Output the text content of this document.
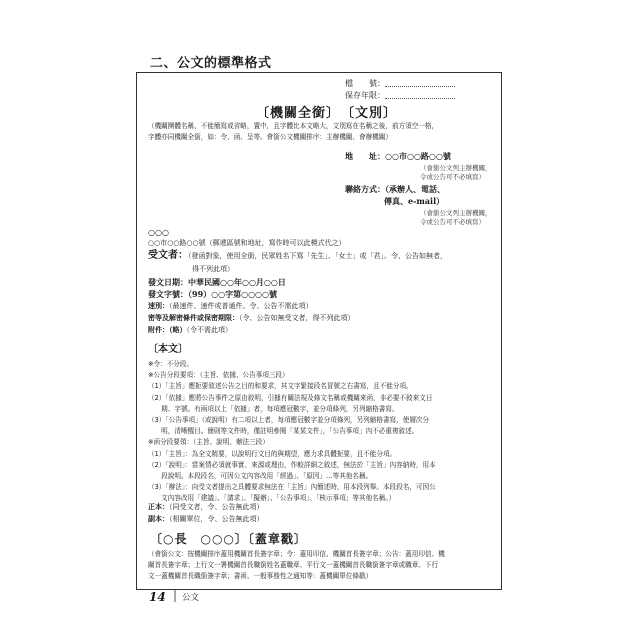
二、公文的標準格式
檔　　號：
保存年限：
〔機關全銜〕　 〔文別〕
（機關團體名稱，不能簡寫或省略，置中，且字體比本文略大，文別寫在名稱之後，前方須空一格，
字體亦同機關全銜，如：令、函、呈等。會銜公文機關排序：主辦機關、會辦機關）
地　　址：○○市○○路○○號
（會銜公文列主辦機關，
令或公告可不必填寫）
聯絡方式：（承辦人、電話、
傳真、e-mail）
（會銜公文列主辦機關，
令或公告可不必填寫）
○○○
○○市○○路○○號（郵遞區號和地址，寫作時可以此模式代之）
受文者：（發函對象，使用全銜，民眾姓名下寫「先生」、「女士」或「君」。令、公告如無者，
得不列此項）
發文日期：中華民國○○年○○月○○日
發文字號：（99）○○字第○○○○號
速別：（最速件、速件或普通件。令、公告不需此項）
密等及解密條件或保密期限：（令、公告如無受文者，得不列此項）
附件：（略）（令不需此項）
〔本文〕
※令：不分段。
※公告分段要項：（主旨、依據、公告事項三段）
（1）「主旨」應扼要敘述公告之目的和要求，其文字緊接段名冒號之右書寫，且不能分項。
（2）「依據」應將公告事件之原由敘明，引據有關法規及條文名稱或機關來函，非必要不敘來文日
　　期、字號。有兩項以上「依據」者，每項應冠數字，並分項條列，另列縮格書寫。
（3）「公告事項」（或說明）有二項以上者，每項應冠數字並分項條列，另列縮格書寫，使層次分
　　明，清晰醒目。簡則等文件時，僅註明參閱「某某文件」，「公告事項」內不必重複敘述。
※函分段要領：（主旨、說明、辦法三段）
（1）「主旨」：為全文精要，以說明行文目的與期望，應力求具體扼要，且不能分項。
（2）「說明」：當案情必須就事實、來源或理由，作較詳細之敘述，無法於「主旨」內容納時，用本
　　段說明。本段段名，可因公文內容改用「經過」、「原因」…等其他名稱。
（3）「辦法」：向受文者提出之具體要求無法在「主旨」內簡述時，用本段列舉。本段段名，可因公
　　文內容改用「建議」、「請求」、「擬辦」、「公告事項」、「核示事項」等其他名稱。）
正本：（同受文者，令、公告無此項）
副本：（相關單位，令、公告無此項）
〔○長　○○○〕〔蓋章戳〕
（會銜公文：按機關排序蓋用機關首長簽字章；令：蓋用印信、機關首長簽字章；公告：蓋用印信、機
關首長簽字章；上行文一署機關首長職銜姓名蓋職章、平行文一蓋機關首長職銜簽字章或職章、下行
文一蓋機關首長職銜簽字章；書函、一般事務性之通知等：蓋機關單位條戳）
14 | 公文
